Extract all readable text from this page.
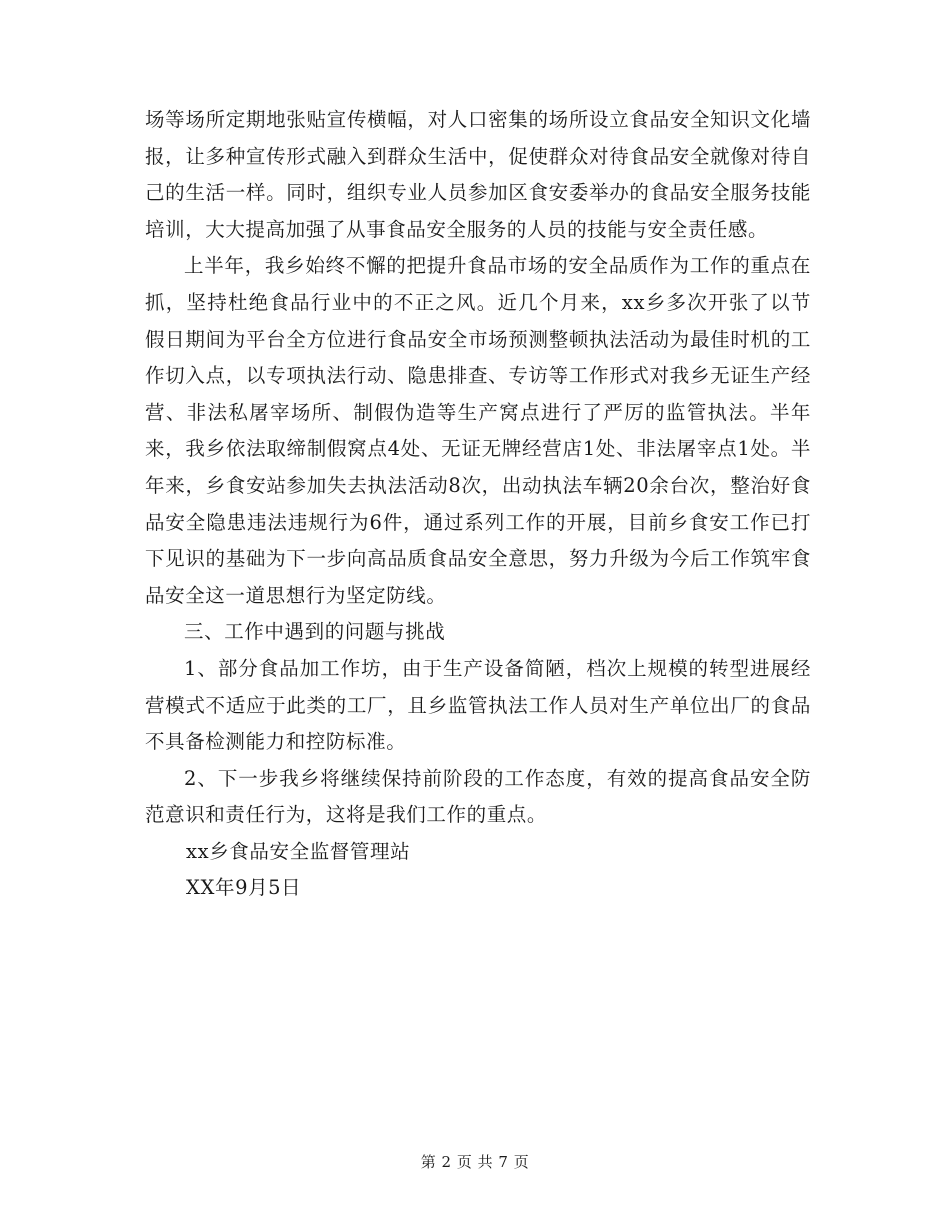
场等场所定期地张贴宣传横幅，对人口密集的场所设立食品安全知识文化墙报，让多种宣传形式融入到群众生活中，促使群众对待食品安全就像对待自己的生活一样。同时，组织专业人员参加区食安委举办的食品安全服务技能培训，大大提高加强了从事食品安全服务的人员的技能与安全责任感。

上半年，我乡始终不懈的把提升食品市场的安全品质作为工作的重点在抓，坚持杜绝食品行业中的不正之风。近几个月来，xx乡多次开张了以节假日期间为平台全方位进行食品安全市场预测整顿执法活动为最佳时机的工作切入点，以专项执法行动、隐患排查、专访等工作形式对我乡无证生产经营、非法私屠宰场所、制假伪造等生产窝点进行了严厉的监管执法。半年来，我乡依法取缔制假窝点4处、无证无牌经营店1处、非法屠宰点1处。半年来，乡食安站参加失去执法活动8次，出动执法车辆20余台次，整治好食品安全隐患违法违规行为6件，通过系列工作的开展，目前乡食安工作已打下见识的基础为下一步向高品质食品安全意思，努力升级为今后工作筑牢食品安全这一道思想行为坚定防线。

三、工作中遇到的问题与挑战

1、部分食品加工作坊，由于生产设备简陋，档次上规模的转型进展经营模式不适应于此类的工厂，且乡监管执法工作人员对生产单位出厂的食品不具备检测能力和控防标准。

2、下一步我乡将继续保持前阶段的工作态度，有效的提高食品安全防范意识和责任行为，这将是我们工作的重点。

xx乡食品安全监督管理站

XX年9月5日

第 2 页 共 7 页
